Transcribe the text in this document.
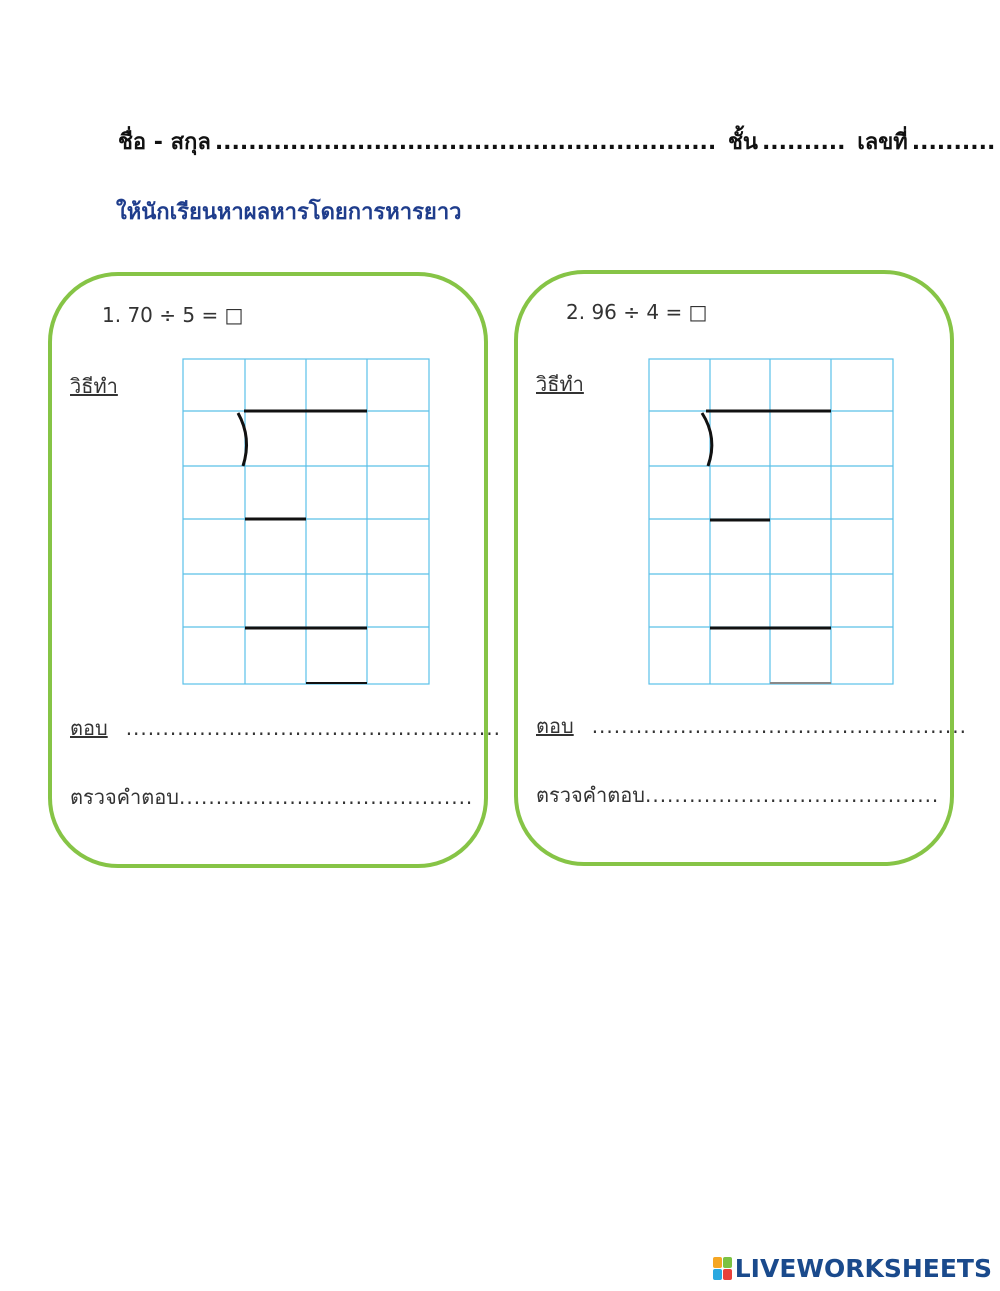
ชื่อ - สกุล ............................................................ ชั้น .......... เลขที่ ..........
ให้นักเรียนหาผลหารโดยการหารยาว
1. 70 ÷ 5 = □
วิธีทำ
ตอบ ...................................................
ตรวจคำตอบ........................................
2. 96 ÷ 4 = □
วิธีทำ
ตอบ ...................................................
ตรวจคำตอบ........................................
LIVEWORKSHEETS
